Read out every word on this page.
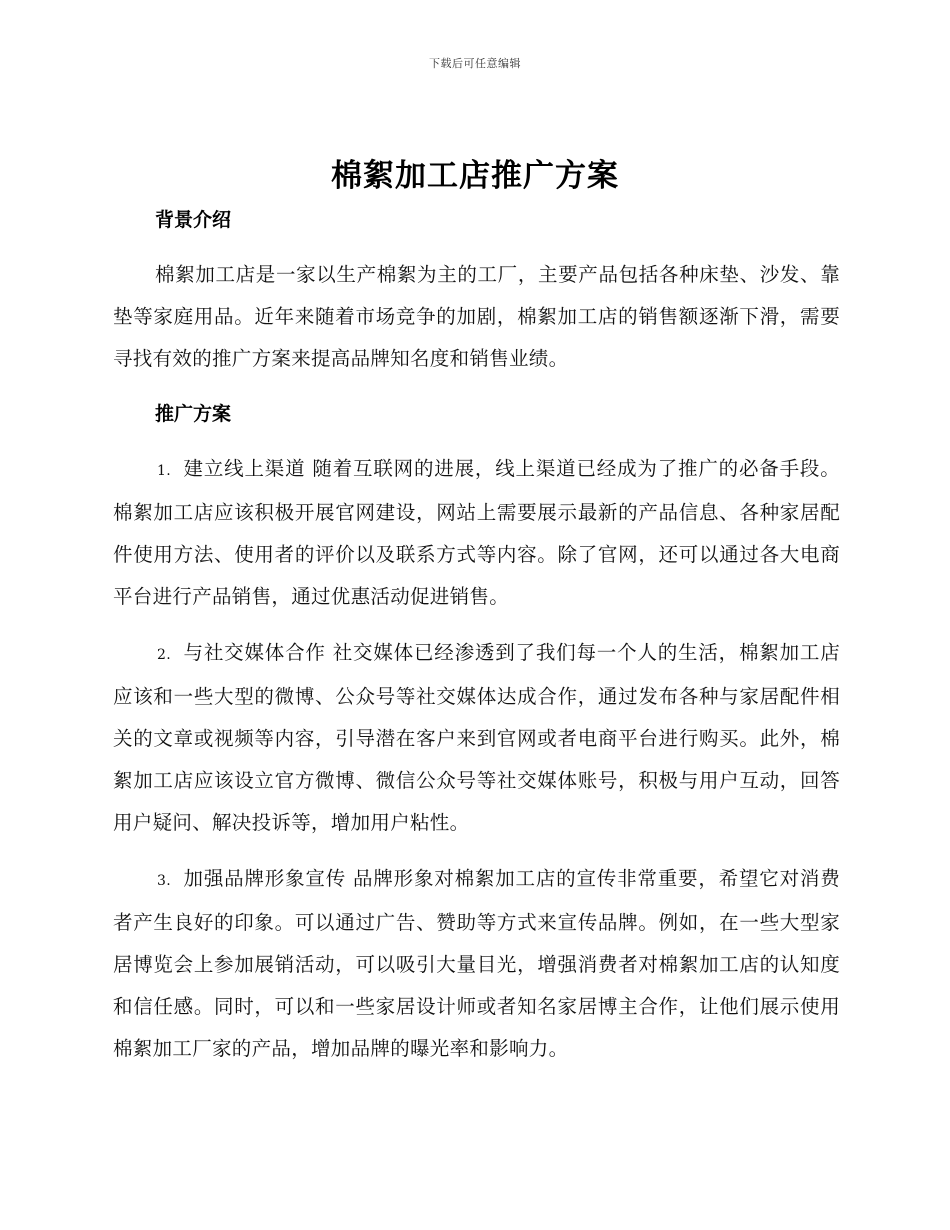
下载后可任意编辑
棉絮加工店推广方案
背景介绍

棉絮加工店是一家以生产棉絮为主的工厂，主要产品包括各种床垫、沙发、靠垫等家庭用品。近年来随着市场竞争的加剧，棉絮加工店的销售额逐渐下滑，需要寻找有效的推广方案来提高品牌知名度和销售业绩。

推广方案

1. 建立线上渠道 随着互联网的进展，线上渠道已经成为了推广的必备手段。棉絮加工店应该积极开展官网建设，网站上需要展示最新的产品信息、各种家居配件使用方法、使用者的评价以及联系方式等内容。除了官网，还可以通过各大电商平台进行产品销售，通过优惠活动促进销售。

2. 与社交媒体合作 社交媒体已经渗透到了我们每一个人的生活，棉絮加工店应该和一些大型的微博、公众号等社交媒体达成合作，通过发布各种与家居配件相关的文章或视频等内容，引导潜在客户来到官网或者电商平台进行购买。此外，棉絮加工店应该设立官方微博、微信公众号等社交媒体账号，积极与用户互动，回答用户疑问、解决投诉等，增加用户粘性。

3. 加强品牌形象宣传 品牌形象对棉絮加工店的宣传非常重要，希望它对消费者产生良好的印象。可以通过广告、赞助等方式来宣传品牌。例如，在一些大型家居博览会上参加展销活动，可以吸引大量目光，增强消费者对棉絮加工店的认知度和信任感。同时，可以和一些家居设计师或者知名家居博主合作，让他们展示使用棉絮加工厂家的产品，增加品牌的曝光率和影响力。
